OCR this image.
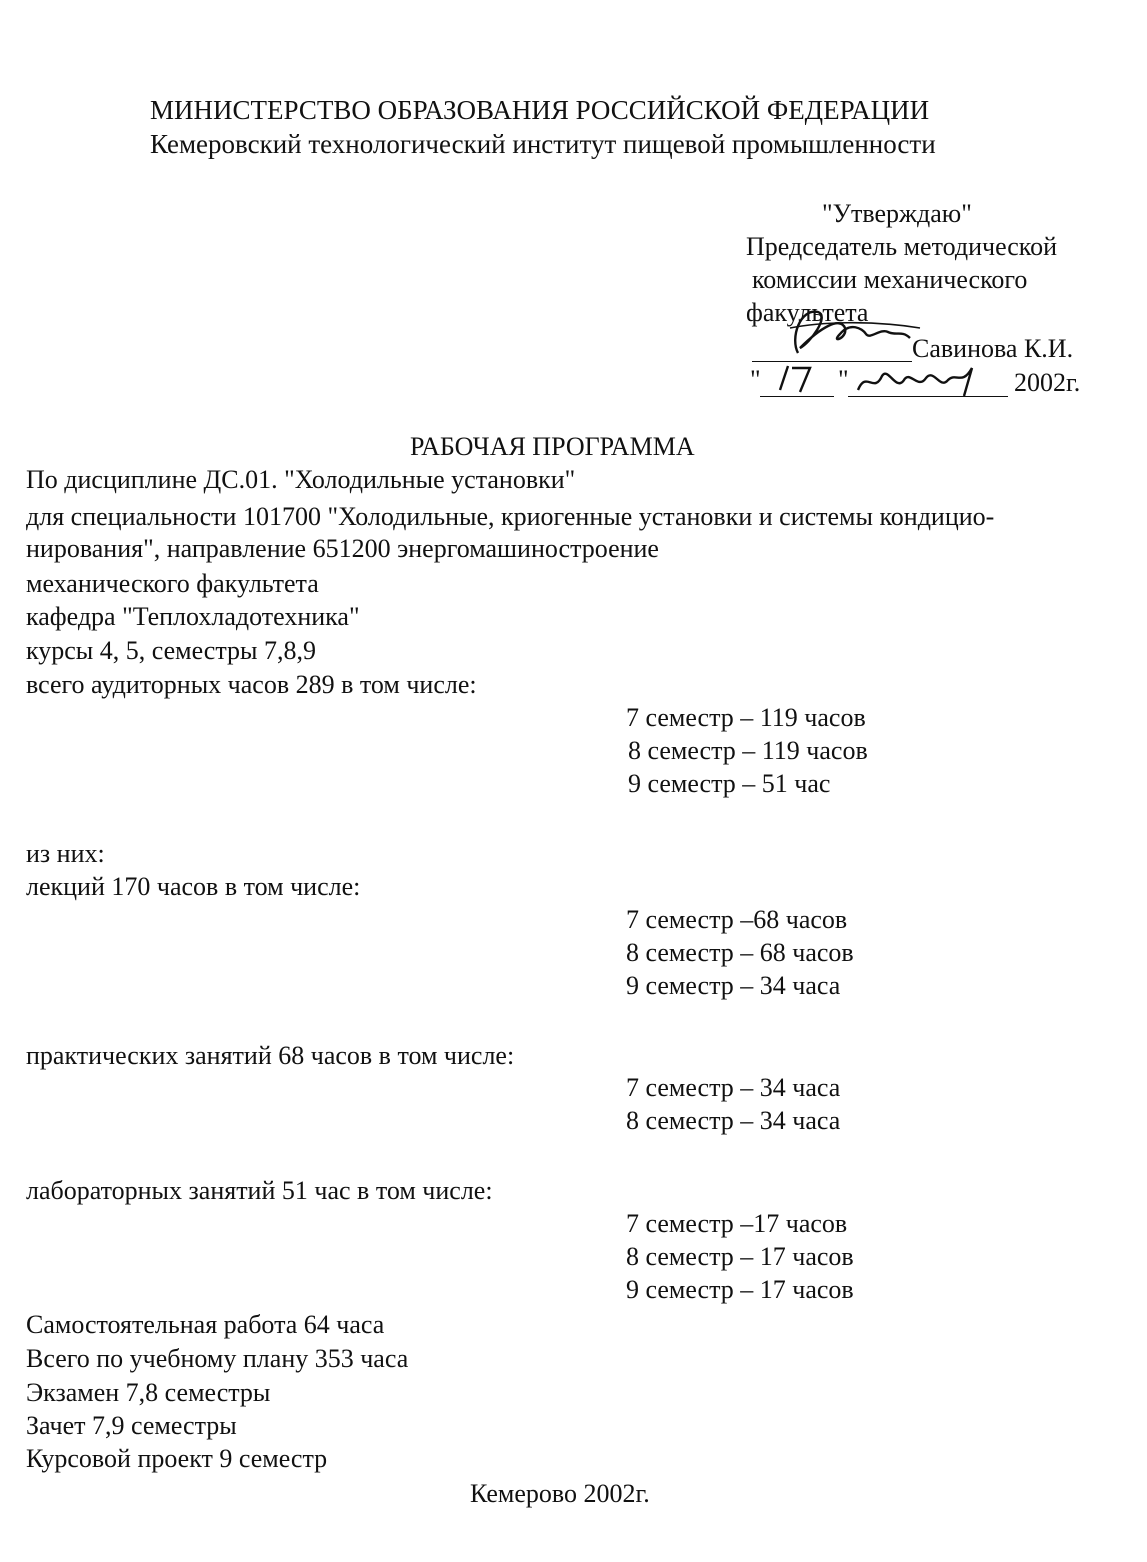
МИНИСТЕРСТВО ОБРАЗОВАНИЯ РОССИЙСКОЙ ФЕДЕРАЦИИ
Кемеровский технологический институт пищевой промышленности
"Утверждаю"
Председатель методической
комиссии механического
факультета
Савинова К.И.
"	"	2002г.
РАБОЧАЯ ПРОГРАММА
По дисциплине ДС.01. "Холодильные установки"
для специальности 101700 "Холодильные, криогенные установки и системы кондицио-
нирования", направление 651200 энергомашиностроение
механического факультета
кафедра "Теплохладотехника"
курсы 4, 5, семестры 7,8,9
всего аудиторных часов 289 в том числе:
7 семестр – 119 часов
8 семестр – 119 часов
9 семестр – 51 час
из них:
лекций 170 часов в том числе:
7 семестр –68 часов
8 семестр – 68 часов
9 семестр – 34 часа
практических занятий 68 часов в том числе:
7 семестр – 34 часа
8 семестр – 34 часа
лабораторных занятий 51 час в том числе:
7 семестр –17 часов
8 семестр – 17 часов
9 семестр – 17 часов
Самостоятельная работа 64 часа
Всего по учебному плану 353 часа
Экзамен 7,8 семестры
Зачет 7,9 семестры
Курсовой проект 9 семестр
Кемерово 2002г.
